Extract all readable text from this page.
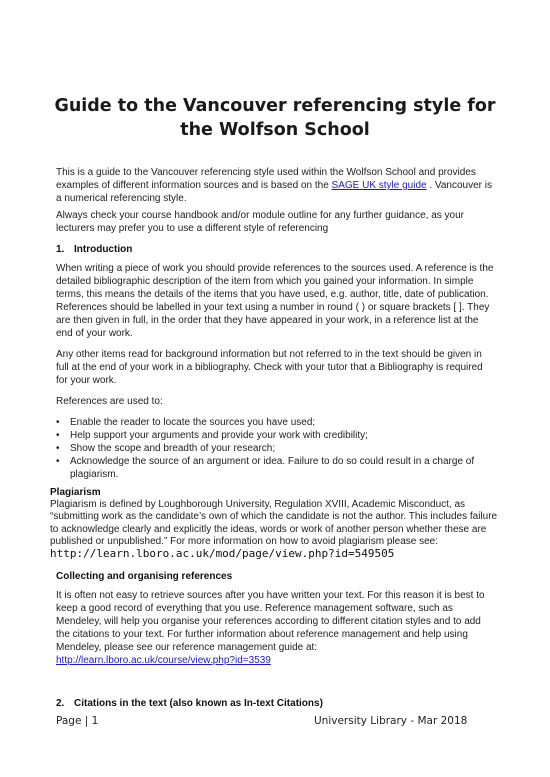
Guide to the Vancouver referencing style for the Wolfson School

This is a guide to the Vancouver referencing style used within the Wolfson School and provides examples of different information sources and is based on the SAGE UK style guide . Vancouver is a numerical referencing style.

Always check your course handbook and/or module outline for any further guidance, as your lecturers may prefer you to use a different style of referencing

1. Introduction

When writing a piece of work you should provide references to the sources used. A reference is the detailed bibliographic description of the item from which you gained your information. In simple terms, this means the details of the items that you have used, e.g. author, title, date of publication. References should be labelled in your text using a number in round ( ) or square brackets [ ]. They are then given in full, in the order that they have appeared in your work, in a reference list at the end of your work.

Any other items read for background information but not referred to in the text should be given in full at the end of your work in a bibliography. Check with your tutor that a Bibliography is required for your work.

References are used to:

• Enable the reader to locate the sources you have used;
• Help support your arguments and provide your work with credibility;
• Show the scope and breadth of your research;
• Acknowledge the source of an argument or idea. Failure to do so could result in a charge of plagiarism.
Plagiarism

Plagiarism is defined by Loughborough University, Regulation XVIII, Academic Misconduct, as “submitting work as the candidate’s own of which the candidate is not the author. This includes failure to acknowledge clearly and explicitly the ideas, words or work of another person whether these are published or unpublished.” For more information on how to avoid plagiarism please see:

http://learn.lboro.ac.uk/mod/page/view.php?id=549505
Collecting and organising references

It is often not easy to retrieve sources after you have written your text. For this reason it is best to keep a good record of everything that you use. Reference management software, such as Mendeley, will help you organise your references according to different citation styles and to add the citations to your text. For further information about reference management and help using Mendeley, please see our reference management guide at:

http://learn.lboro.ac.uk/course/view.php?id=3539
2. Citations in the text (also known as In-text Citations)
Page | 1	University Library - Mar 2018
